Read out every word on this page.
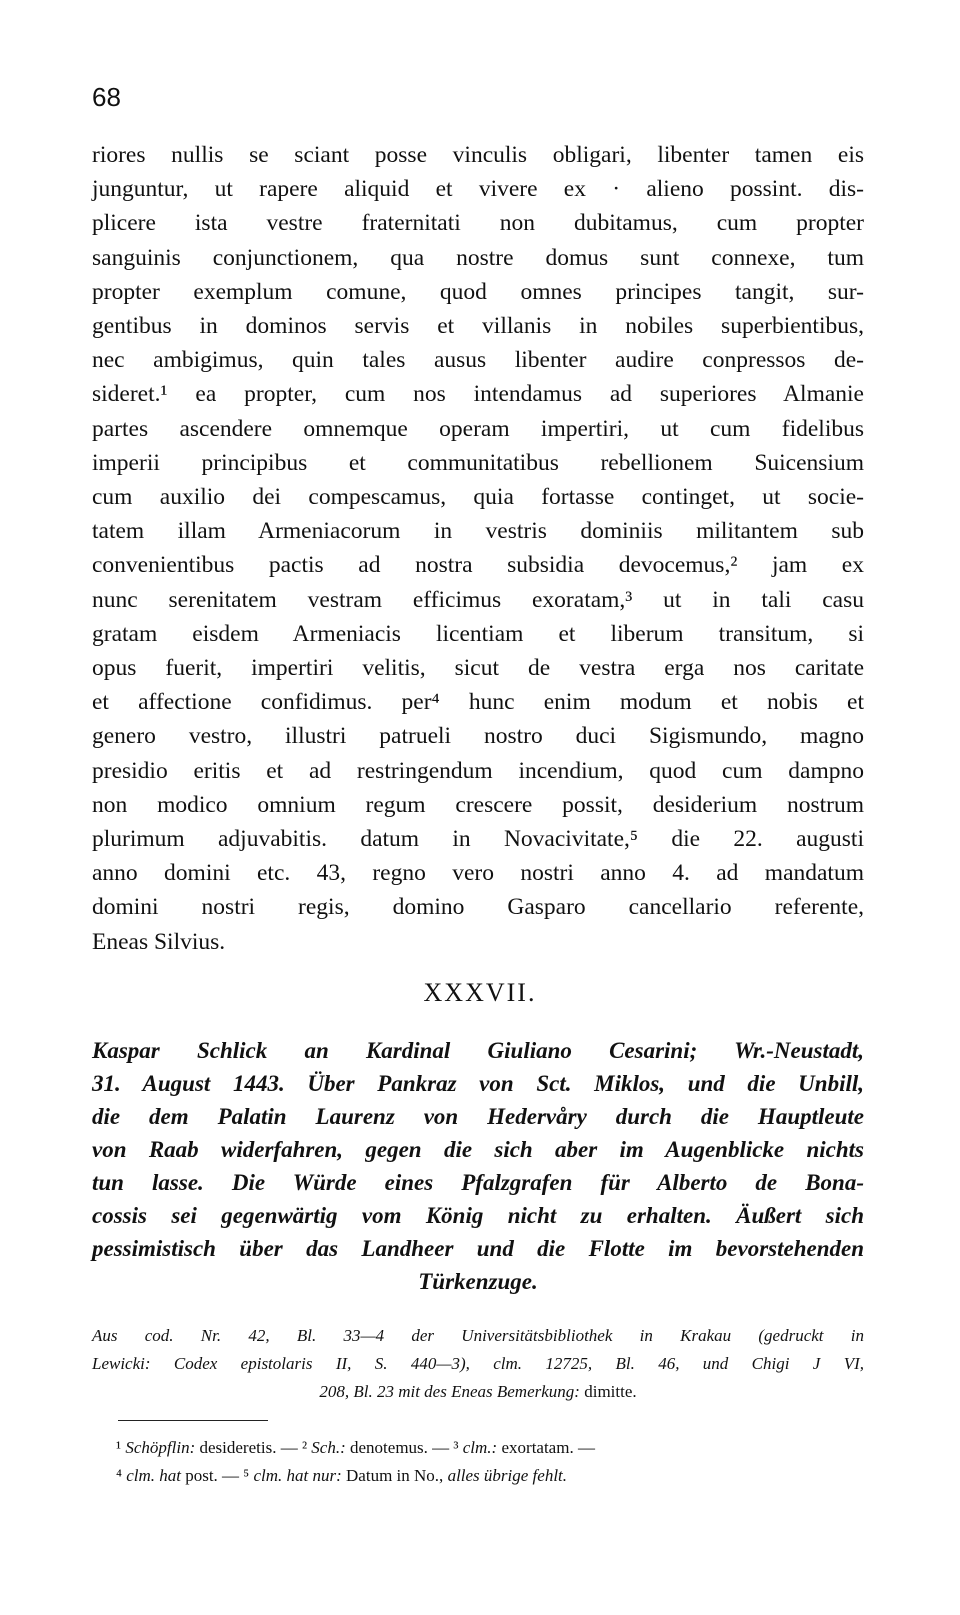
68
riores nullis se sciant posse vinculis obligari, libenter tamen eis
junguntur, ut rapere aliquid et vivere ex · alieno possint. dis-
plicere ista vestre fraternitati non dubitamus, cum propter
sanguinis conjunctionem, qua nostre domus sunt connexe, tum
propter exemplum comune, quod omnes principes tangit, sur-
gentibus in dominos servis et villanis in nobiles superbientibus,
nec ambigimus, quin tales ausus libenter audire conpressos de-
sideret.¹ ea propter, cum nos intendamus ad superiores Almanie
partes ascendere omnemque operam impertiri, ut cum fidelibus
imperii principibus et communitatibus rebellionem Suicensium
cum auxilio dei compescamus, quia fortasse continget, ut socie-
tatem illam Armeniacorum in vestris dominiis militantem sub
convenientibus pactis ad nostra subsidia devocemus,² jam ex
nunc serenitatem vestram efficimus exoratam,³ ut in tali casu
gratam eisdem Armeniacis licentiam et liberum transitum, si
opus fuerit, impertiri velitis, sicut de vestra erga nos caritate
et affectione confidimus. per⁴ hunc enim modum et nobis et
genero vestro, illustri patrueli nostro duci Sigismundo, magno
presidio eritis et ad restringendum incendium, quod cum dampno
non modico omnium regum crescere possit, desiderium nostrum
plurimum adjuvabitis. datum in Novacivitate,⁵ die 22. augusti
anno domini etc. 43, regno vero nostri anno 4. ad mandatum
domini nostri regis, domino Gasparo cancellario referente,
Eneas Silvius.
XXXVII.
Kaspar Schlick an Kardinal Giuliano Cesarini; Wr.-Neustadt,
31. August 1443. Über Pankraz von Sct. Miklos, und die Unbill,
die dem Palatin Laurenz von Hedervåry durch die Hauptleute
von Raab widerfahren, gegen die sich aber im Augenblicke nichts
tun lasse. Die Würde eines Pfalzgrafen für Alberto de Bona-
cossis sei gegenwärtig vom König nicht zu erhalten. Äußert sich
pessimistisch über das Landheer und die Flotte im bevorstehenden
Türkenzuge.
Aus cod. Nr. 42, Bl. 33—4 der Universitätsbibliothek in Krakau (gedruckt in
Lewicki: Codex epistolaris II, S. 440—3), clm. 12725, Bl. 46, und Chigi J VI,
208, Bl. 23 mit des Eneas Bemerkung: dimitte.
¹ Schöpflin: desideretis. — ² Sch.: denotemus. — ³ clm.: exortatam. —
⁴ clm. hat post. — ⁵ clm. hat nur: Datum in No., alles übrige fehlt.
